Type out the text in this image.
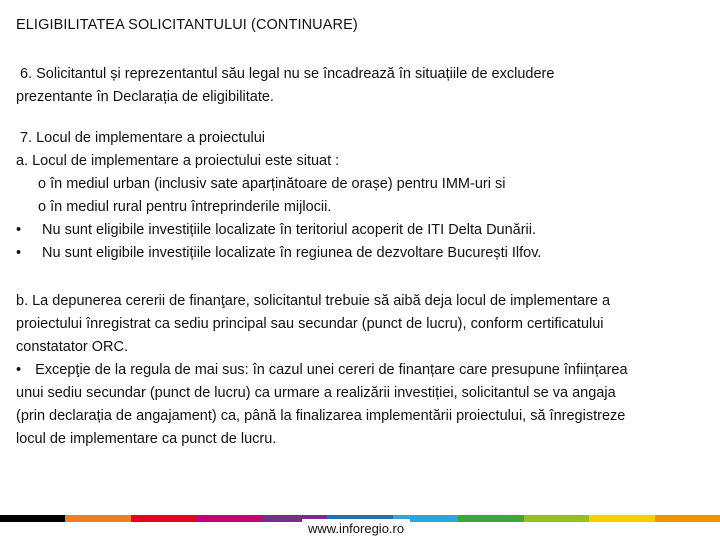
ELIGIBILITATEA SOLICITANTULUI (CONTINUARE)
6. Solicitantul și reprezentantul său legal nu se încadrează în situațiile de excludere
prezentante în Declarația de eligibilitate.
7. Locul de implementare a proiectului
a. Locul de implementare a proiectului este situat :
o în mediul urban (inclusiv sate aparținătoare de orașe) pentru IMM-uri si
o în mediul rural pentru întreprinderile mijlocii.
• Nu sunt eligibile investițiile localizate în teritoriul acoperit de ITI Delta Dunării.
• Nu sunt eligibile investițiile localizate în regiunea de dezvoltare București Ilfov.
b. La depunerea cererii de finanţare, solicitantul trebuie să aibă deja locul de implementare a
proiectului înregistrat ca sediu principal sau secundar (punct de lucru), conform certificatului
constatator ORC.
• Excepţie de la regula de mai sus: în cazul unei cereri de finanțare care presupune înființarea
unui sediu secundar (punct de lucru) ca urmare a realizării investiției, solicitantul se va angaja
(prin declarația de angajament) ca, până la finalizarea implementării proiectului, să înregistreze
locul de implementare ca punct de lucru.
www.inforegio.ro
